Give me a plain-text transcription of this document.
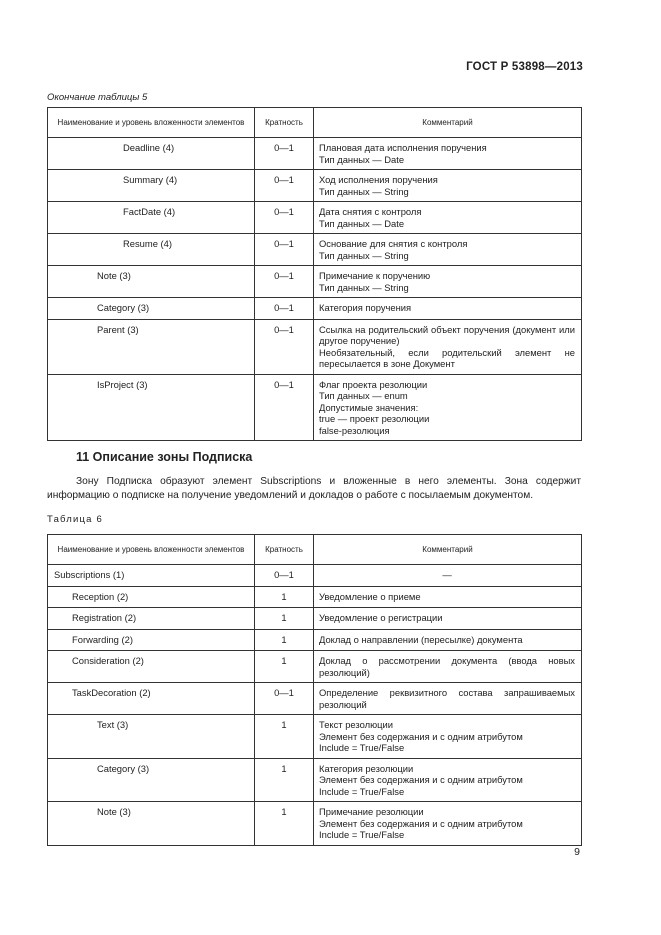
ГОСТ Р 53898—2013
Окончание таблицы 5
Наименование и уровень вложенности элементов	Кратность	Комментарий
Deadline (4)	0—1	Плановая дата исполнения поручения
Тип данных — Date

Summary (4)	0—1	Ход исполнения поручения
Тип данных — String

FactDate (4)	0—1	Дата снятия с контроля
Тип данных — Date

Resume (4)	0—1	Основание для снятия с контроля
Тип данных — String

Note (3)	0—1	Примечание к поручению
Тип данных — String

Category (3)	0—1	Категория поручения

Parent (3)	0—1	Ссылка на родительский объект поручения (документ или другое поручение)
Необязательный, если родительский элемент не пересылается в зоне Документ

IsProject (3)	0—1	Флаг проекта резолюции
Тип данных — enum
Допустимые значения:
true — проект резолюции
false-резолюция
11 Описание зоны Подписка
Зону Подписка образуют элемент Subscriptions и вложенные в него элементы. Зона содержит информацию о подписке на получение уведомлений и докладов о работе с посылаемым документом.
Таблица 6
Наименование и уровень вложенности элементов	Кратность	Комментарий
Subscriptions (1)	0—1	—

Reception (2)	1	Уведомление о приеме

Registration (2)	1	Уведомление о регистрации

Forwarding (2)	1	Доклад о направлении (пересылке) документа

Consideration (2)	1	Доклад о рассмотрении документа (ввода новых резолюций)

TaskDecoration (2)	0—1	Определение реквизитного состава запрашиваемых резолюций

Text (3)	1	Текст резолюции
Элемент без содержания и с одним атрибутом
Include = True/False

Category (3)	1	Категория резолюции
Элемент без содержания и с одним атрибутом
Include = True/False

Note (3)	1	Примечание резолюции
Элемент без содержания и с одним атрибутом
Include = True/False
9
